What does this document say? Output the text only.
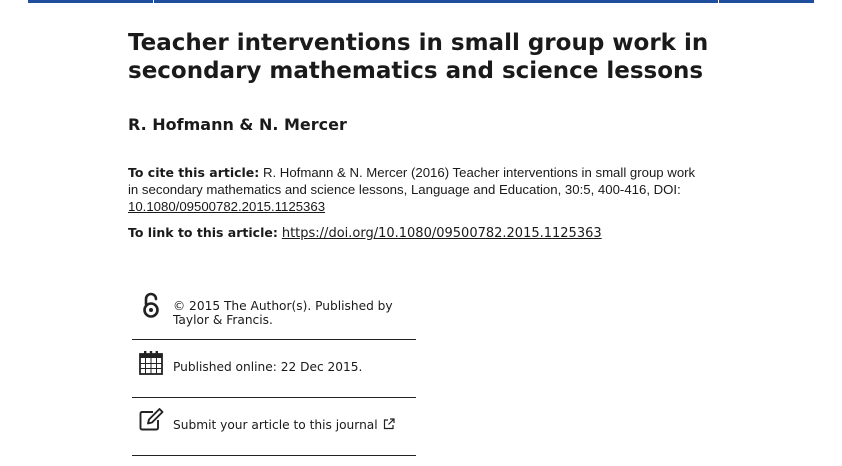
Teacher interventions in small group work in secondary mathematics and science lessons
R. Hofmann & N. Mercer
To cite this article: R. Hofmann & N. Mercer (2016) Teacher interventions in small group work in secondary mathematics and science lessons, Language and Education, 30:5, 400-416, DOI: 10.1080/09500782.2015.1125363
To link to this article: https://doi.org/10.1080/09500782.2015.1125363
© 2015 The Author(s). Published by Taylor & Francis.
Published online: 22 Dec 2015.
Submit your article to this journal
